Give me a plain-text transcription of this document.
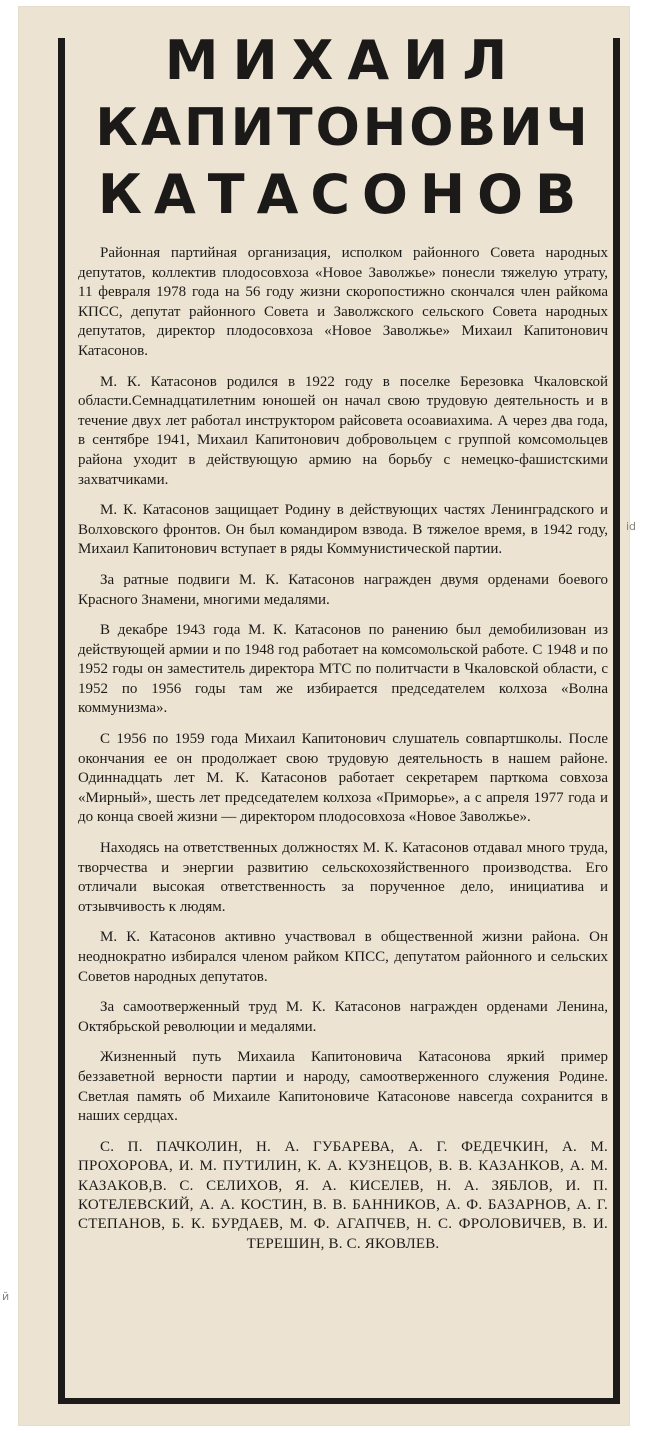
МИХАИЛ
КАПИТОНОВИЧ
КАТАСОНОВ

Районная партийная организация, исполком районного Совета народных депутатов, коллектив плодосовхоза «Новое Заволжье» понесли тяжелую утрату, 11 февраля 1978 года на 56 году жизни скоропостижно скончался член райкома КПСС, депутат районного Совета и Заволжского сельского Совета народных депутатов, директор плодосовхоза «Новое Заволжье» Михаил Капитонович Катасонов.

М. К. Катасонов родился в 1922 году в поселке Березовка Чкаловской области.Семнадцатилетним юношей он начал свою трудовую деятельность и в течение двух лет работал инструктором райсовета осоавиахима. А через два года, в сентябре 1941, Михаил Капитонович добровольцем с группой комсомольцев района уходит в действующую армию на борьбу с немецко-фашистскими захватчиками.

М. К. Катасонов защищает Родину в действующих частях Ленинградского и Волховского фронтов. Он был командиром взвода. В тяжелое время, в 1942 году, Михаил Капитонович вступает в ряды Коммунистической партии.

За ратные подвиги М. К. Катасонов награжден двумя орденами боевого Красного Знамени, многими медалями.

В декабре 1943 года М. К. Катасонов по ранению был демобилизован из действующей армии и по 1948 год работает на комсомольской работе. С 1948 и по 1952 годы он заместитель директора МТС по политчасти в Чкаловской области, с 1952 по 1956 годы там же избирается председателем колхоза «Волна коммунизма».

С 1956 по 1959 года Михаил Капитонович слушатель совпартшколы. После окончания ее он продолжает свою трудовую деятельность в нашем районе. Одиннадцать лет М. К. Катасонов работает секретарем парткома совхоза «Мирный», шесть лет председателем колхоза «Приморье», а с апреля 1977 года и до конца своей жизни — директором плодосовхоза «Новое Заволжье».

Находясь на ответственных должностях М. К. Катасонов отдавал много труда, творчества и энергии развитию сельскохозяйственного производства. Его отличали высокая ответственность за порученное дело, инициатива и отзывчивость к людям.

М. К. Катасонов активно участвовал в общественной жизни района. Он неоднократно избирался членом райком КПСС, депутатом районного и сельских Советов народных депутатов.

За самоотверженный труд М. К. Катасонов награжден орденами Ленина, Октябрьской революции и медалями.

Жизненный путь Михаила Капитоновича Катасонова яркий пример беззаветной верности партии и народу, самоотверженного служения Родине. Светлая память об Михаиле Капитоновиче Катасонове навсегда сохранится в наших сердцах.

С. П. ПАЧКОЛИН, Н. А. ГУБАРЕВА, А. Г. ФЕДЕЧКИН, А. М. ПРОХОРОВА, И. М. ПУТИЛИН, К. А. КУЗНЕЦОВ, В. В. КАЗАНКОВ, А. М. КАЗАКОВ,В. С. СЕЛИХОВ, Я. А. КИСЕЛЕВ, Н. А. ЗЯБЛОВ, И. П. КОТЕЛЕВСКИЙ, А. А. КОСТИН, В. В. БАННИКОВ, А. Ф. БАЗАРНОВ, А. Г. СТЕПАНОВ, Б. К. БУРДАЕВ, М. Ф. АГАПЧЕВ, Н. С. ФРОЛОВИЧЕВ, В. И. ТЕРЕШИН, В. С. ЯКОВЛЕВ.
id
й
